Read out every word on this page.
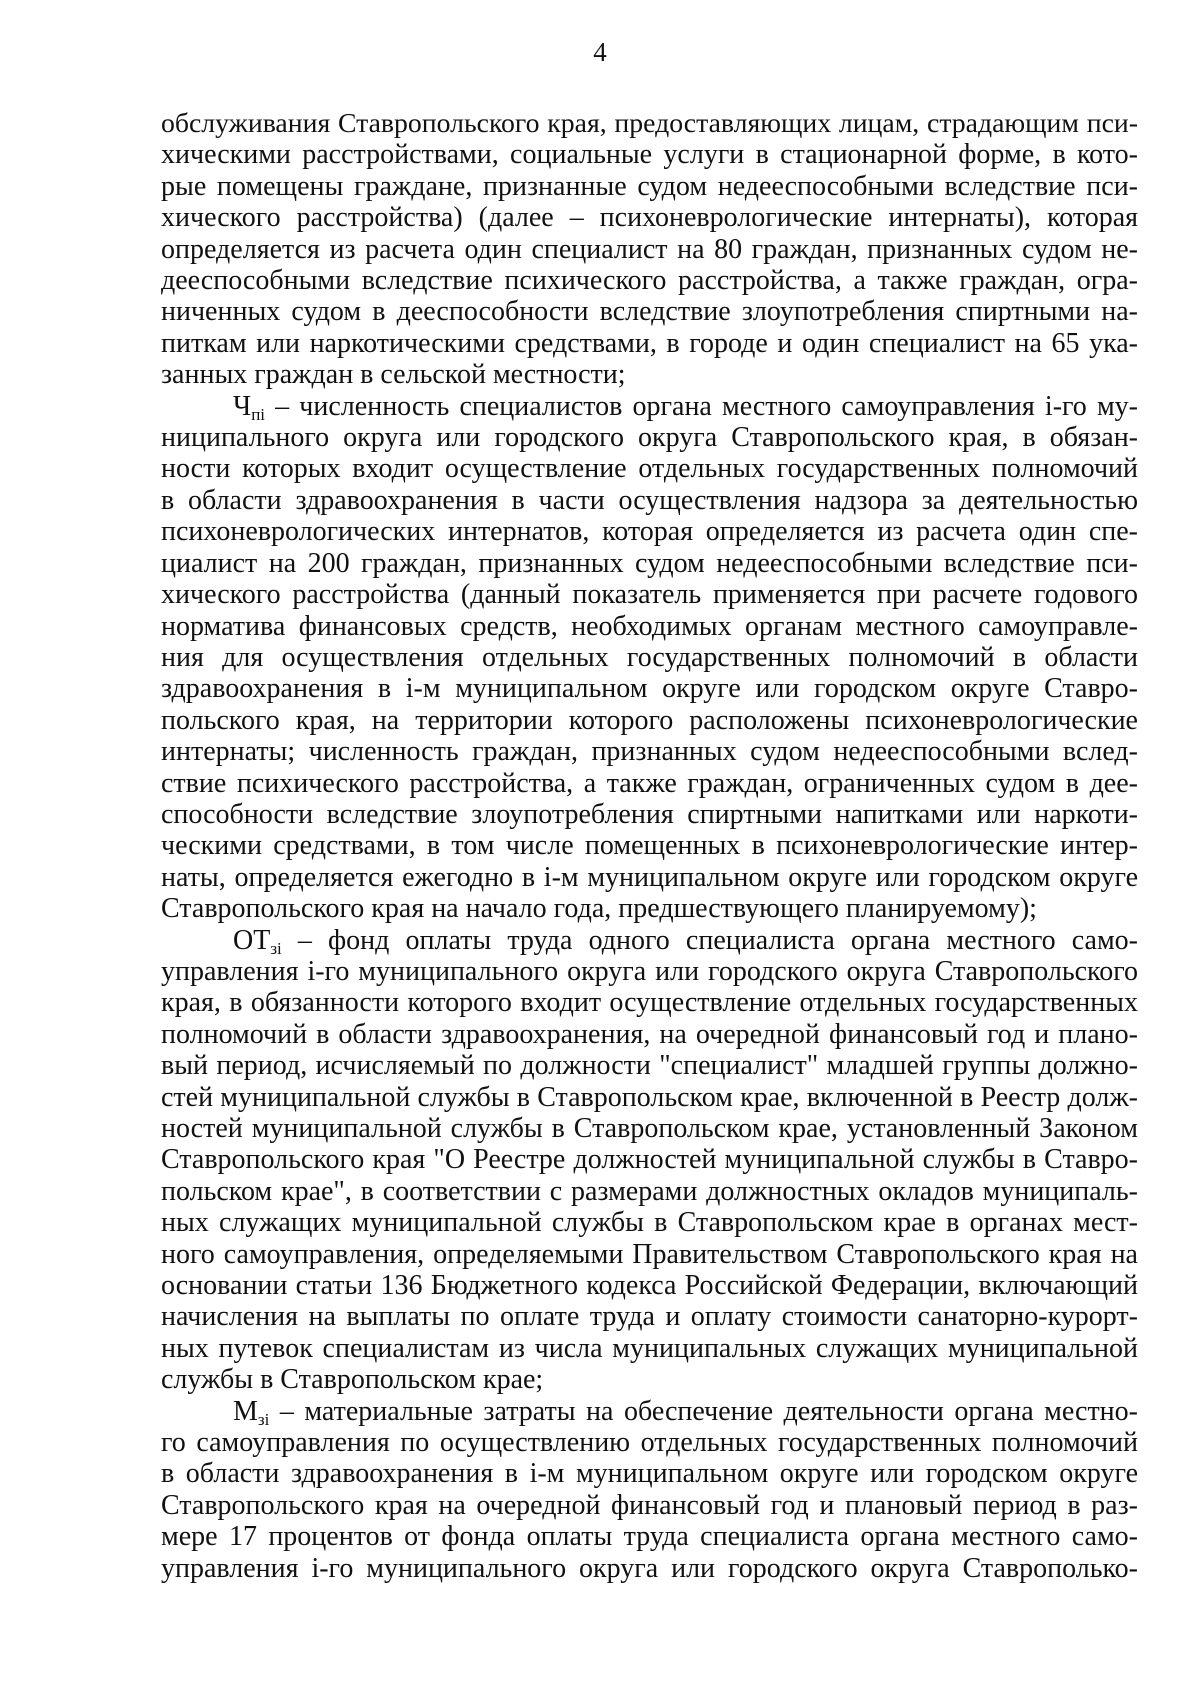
4
обслуживания Ставропольского края, предоставляющих лицам, страдающим пси-
хическими расстройствами, социальные услуги в стационарной форме, в кото-
рые помещены граждане, признанные судом недееспособными вследствие пси-
хического расстройства) (далее – психоневрологические интернаты), которая
определяется из расчета один специалист на 80 граждан, признанных судом не-
дееспособными вследствие психического расстройства, а также граждан, огра-
ниченных судом в дееспособности вследствие злоупотребления спиртными на-
питкам или наркотическими средствами, в городе и один специалист на 65 ука-
занных граждан в сельской местности;
$Ч_{пi}$ – численность специалистов органа местного самоуправления i-го му-
ниципального округа или городского округа Ставропольского края, в обязан-
ности которых входит осуществление отдельных государственных полномочий
в области здравоохранения в части осуществления надзора за деятельностью
психоневрологических интернатов, которая определяется из расчета один спе-
циалист на 200 граждан, признанных судом недееспособными вследствие пси-
хического расстройства (данный показатель применяется при расчете годового
норматива финансовых средств, необходимых органам местного самоуправле-
ния для осуществления отдельных государственных полномочий в области
здравоохранения в i-м муниципальном округе или городском округе Ставро-
польского края, на территории которого расположены психоневрологические
интернаты; численность граждан, признанных судом недееспособными вслед-
ствие психического расстройства, а также граждан, ограниченных судом в дее-
способности вследствие злоупотребления спиртными напитками или наркоти-
ческими средствами, в том числе помещенных в психоневрологические интер-
наты, определяется ежегодно в i-м муниципальном округе или городском округе
Ставропольского края на начало года, предшествующего планируемому);
$ОТ_{зi}$ – фонд оплаты труда одного специалиста органа местного само-
управления i-го муниципального округа или городского округа Ставропольского
края, в обязанности которого входит осуществление отдельных государственных
полномочий в области здравоохранения, на очередной финансовый год и плано-
вый период, исчисляемый по должности "специалист" младшей группы должно-
стей муниципальной службы в Ставропольском крае, включенной в Реестр долж-
ностей муниципальной службы в Ставропольском крае, установленный Законом
Ставропольского края "О Реестре должностей муниципальной службы в Ставро-
польском крае", в соответствии с размерами должностных окладов муниципаль-
ных служащих муниципальной службы в Ставропольском крае в органах мест-
ного самоуправления, определяемыми Правительством Ставропольского края на
основании статьи 136 Бюджетного кодекса Российской Федерации, включающий
начисления на выплаты по оплате труда и оплату стоимости санаторно-курорт-
ных путевок специалистам из числа муниципальных служащих муниципальной
службы в Ставропольском крае;
$М_{зi}$ – материальные затраты на обеспечение деятельности органа местно-
го самоуправления по осуществлению отдельных государственных полномочий
в области здравоохранения в i-м муниципальном округе или городском округе
Ставропольского края на очередной финансовый год и плановый период в раз-
мере 17 процентов от фонда оплаты труда специалиста органа местного само-
управления i-го муниципального округа или городского округа Ставрополько-
